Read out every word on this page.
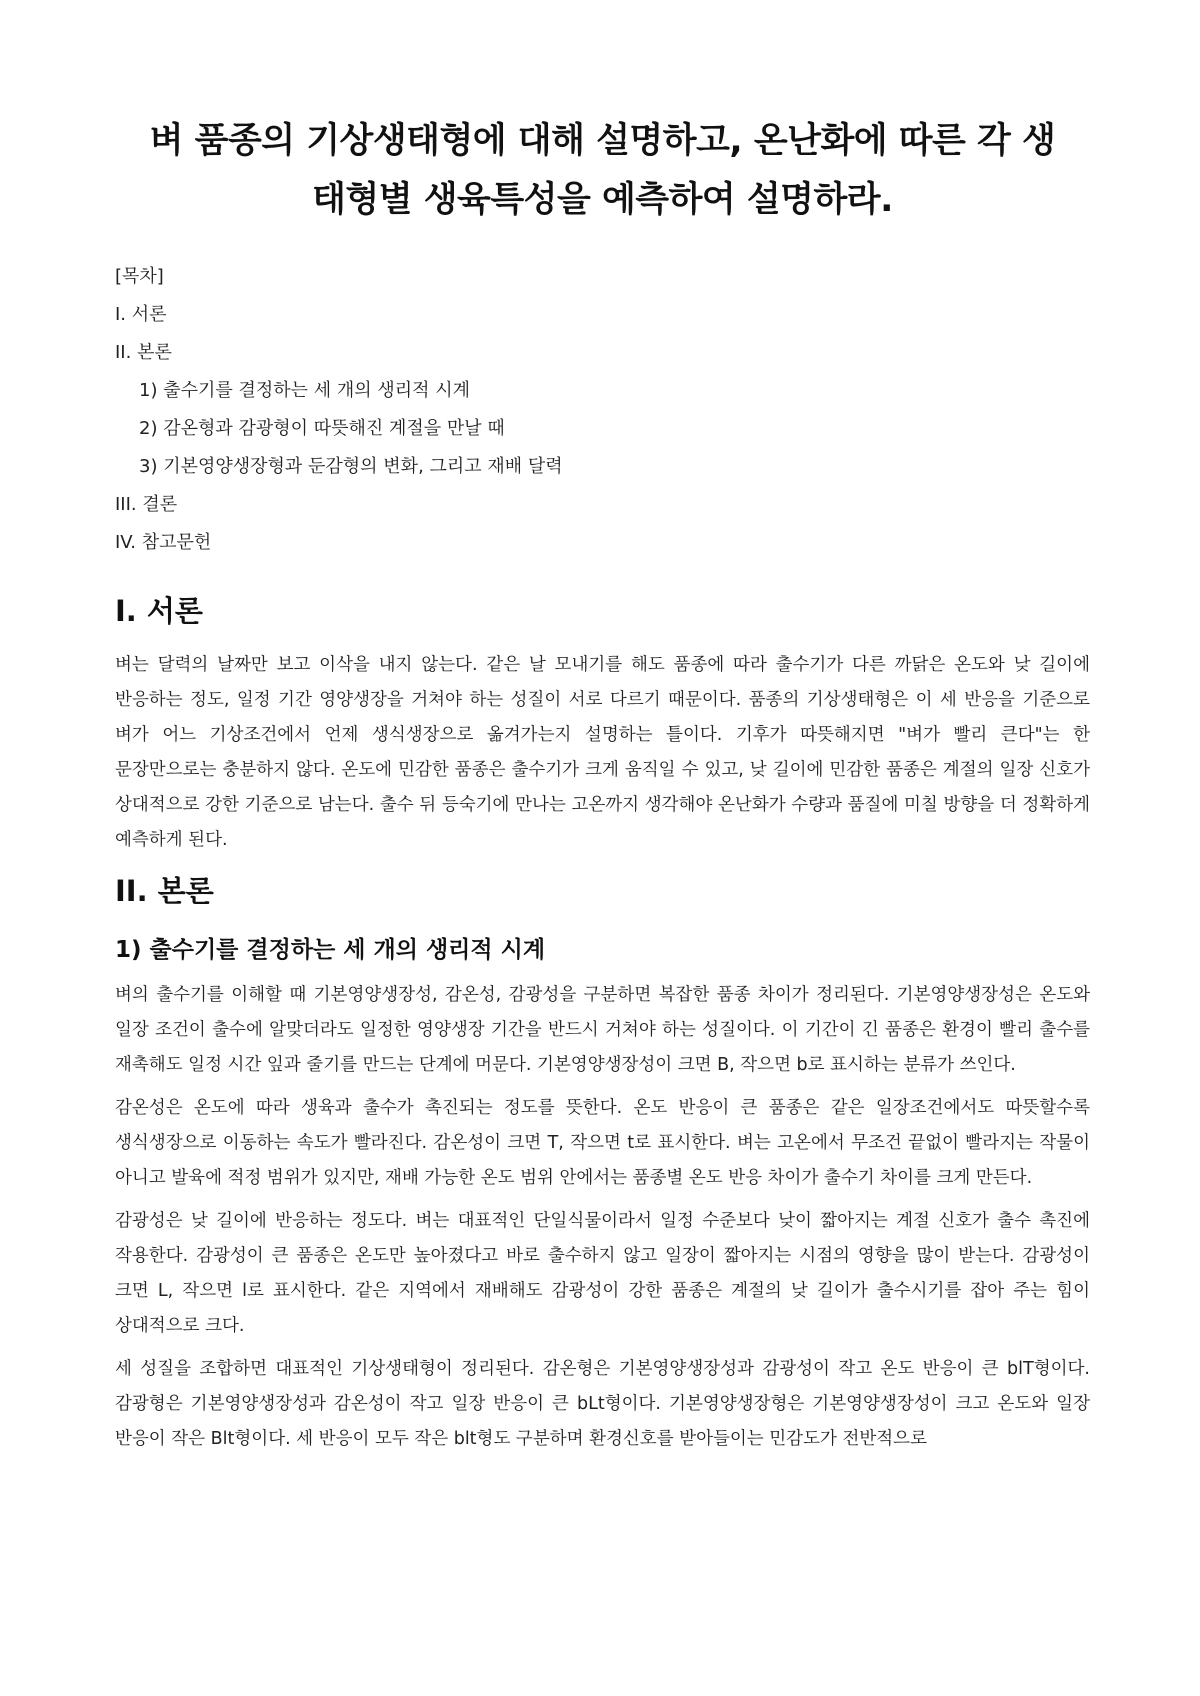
벼 품종의 기상생태형에 대해 설명하고, 온난화에 따른 각 생태형별 생육특성을 예측하여 설명하라.
[목차]
I. 서론
II. 본론
1) 출수기를 결정하는 세 개의 생리적 시계
2) 감온형과 감광형이 따뜻해진 계절을 만날 때
3) 기본영양생장형과 둔감형의 변화, 그리고 재배 달력
III. 결론
IV. 참고문헌
I. 서론

벼는 달력의 날짜만 보고 이삭을 내지 않는다. 같은 날 모내기를 해도 품종에 따라 출수기가 다른 까닭은 온도와 낮 길이에 반응하는 정도, 일정 기간 영양생장을 거쳐야 하는 성질이 서로 다르기 때문이다. 품종의 기상생태형은 이 세 반응을 기준으로 벼가 어느 기상조건에서 언제 생식생장으로 옮겨가는지 설명하는 틀이다. 기후가 따뜻해지면 "벼가 빨리 큰다"는 한 문장만으로는 충분하지 않다. 온도에 민감한 품종은 출수기가 크게 움직일 수 있고, 낮 길이에 민감한 품종은 계절의 일장 신호가 상대적으로 강한 기준으로 남는다. 출수 뒤 등숙기에 만나는 고온까지 생각해야 온난화가 수량과 품질에 미칠 방향을 더 정확하게 예측하게 된다.

II. 본론
1) 출수기를 결정하는 세 개의 생리적 시계

벼의 출수기를 이해할 때 기본영양생장성, 감온성, 감광성을 구분하면 복잡한 품종 차이가 정리된다. 기본영양생장성은 온도와 일장 조건이 출수에 알맞더라도 일정한 영양생장 기간을 반드시 거쳐야 하는 성질이다. 이 기간이 긴 품종은 환경이 빨리 출수를 재촉해도 일정 시간 잎과 줄기를 만드는 단계에 머문다. 기본영양생장성이 크면 B, 작으면 b로 표시하는 분류가 쓰인다.

감온성은 온도에 따라 생육과 출수가 촉진되는 정도를 뜻한다. 온도 반응이 큰 품종은 같은 일장조건에서도 따뜻할수록 생식생장으로 이동하는 속도가 빨라진다. 감온성이 크면 T, 작으면 t로 표시한다. 벼는 고온에서 무조건 끝없이 빨라지는 작물이 아니고 발육에 적정 범위가 있지만, 재배 가능한 온도 범위 안에서는 품종별 온도 반응 차이가 출수기 차이를 크게 만든다.

감광성은 낮 길이에 반응하는 정도다. 벼는 대표적인 단일식물이라서 일정 수준보다 낮이 짧아지는 계절 신호가 출수 촉진에 작용한다. 감광성이 큰 품종은 온도만 높아졌다고 바로 출수하지 않고 일장이 짧아지는 시점의 영향을 많이 받는다. 감광성이 크면 L, 작으면 l로 표시한다. 같은 지역에서 재배해도 감광성이 강한 품종은 계절의 낮 길이가 출수시기를 잡아 주는 힘이 상대적으로 크다.

세 성질을 조합하면 대표적인 기상생태형이 정리된다. 감온형은 기본영양생장성과 감광성이 작고 온도 반응이 큰 blT형이다. 감광형은 기본영양생장성과 감온성이 작고 일장 반응이 큰 bLt형이다. 기본영양생장형은 기본영양생장성이 크고 온도와 일장 반응이 작은 Blt형이다. 세 반응이 모두 작은 blt형도 구분하며 환경신호를 받아들이는 민감도가 전반적으로
